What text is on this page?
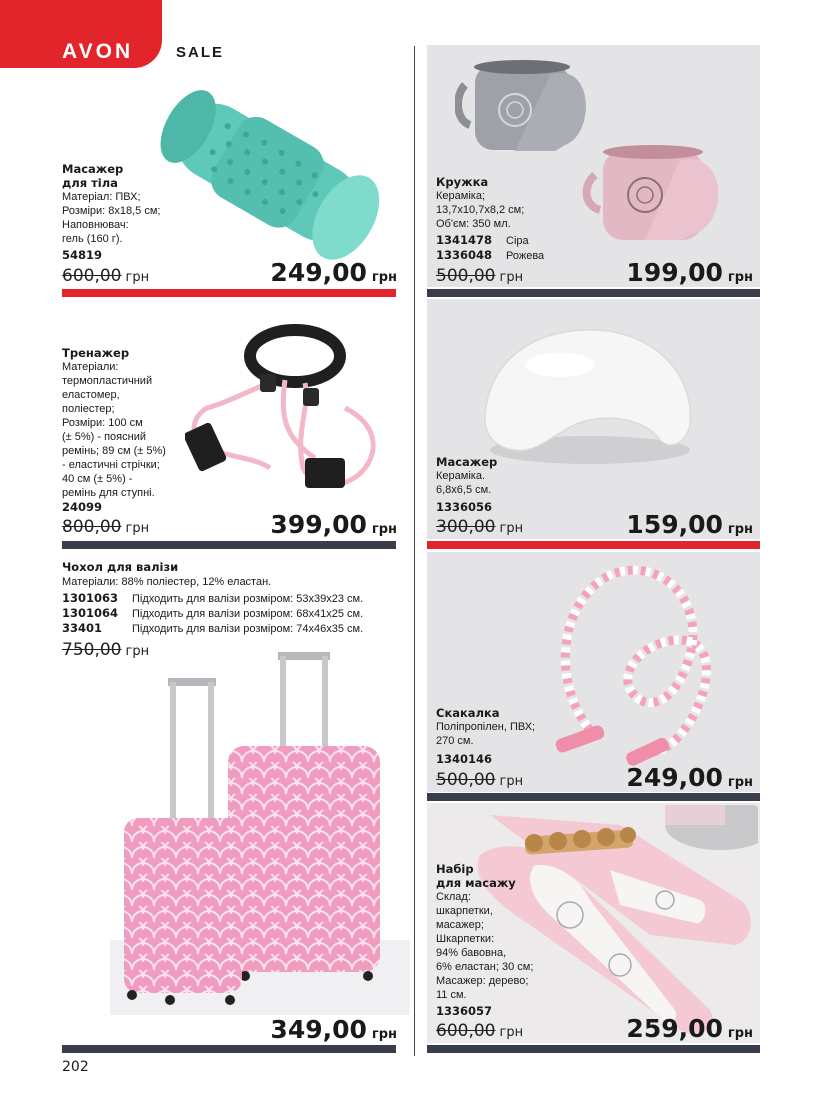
AVON	SALE
Масажер
для тіла
Матеріал: ПВХ;
Розміри: 8х18,5 см;
Наповнювач:
гель (160 г).
54819
600,00 грн	249,00 грн
Тренажер
Матеріали:
термопластичний
еластомер,
поліестер;
Розміри: 100 см
(± 5%) - поясний
ремінь; 89 см (± 5%)
- еластичні стрічки;
40 см (± 5%) -
ремінь для ступні.
24099
800,00 грн	399,00 грн
Чохол для валізи
Матеріали: 88% поліестер, 12% еластан.
1301063 Підходить для валізи розміром: 53х39х23 см.
1301064 Підходить для валізи розміром: 68х41х25 см.
33401	Підходить для валізи розміром: 74х46х35 см.
750,00 грн
349,00 грн
Кружка
Кераміка;
13,7х10,7х8,2 см;
Об'єм: 350 мл.
1341478 Сіра
1336048 Рожева
500,00 грн	199,00 грн
Масажер
Кераміка.
6,8х6,5 см.
1336056
300,00 грн	159,00 грн
Скакалка
Поліпропілен, ПВХ;
270 см.
1340146
500,00 грн	249,00 грн
Набір
для масажу
Склад:
шкарпетки,
масажер;
Шкарпетки:
94% бавовна,
6% еластан; 30 см;
Масажер: дерево;
11 см.
1336057
600,00 грн	259,00 грн
202
